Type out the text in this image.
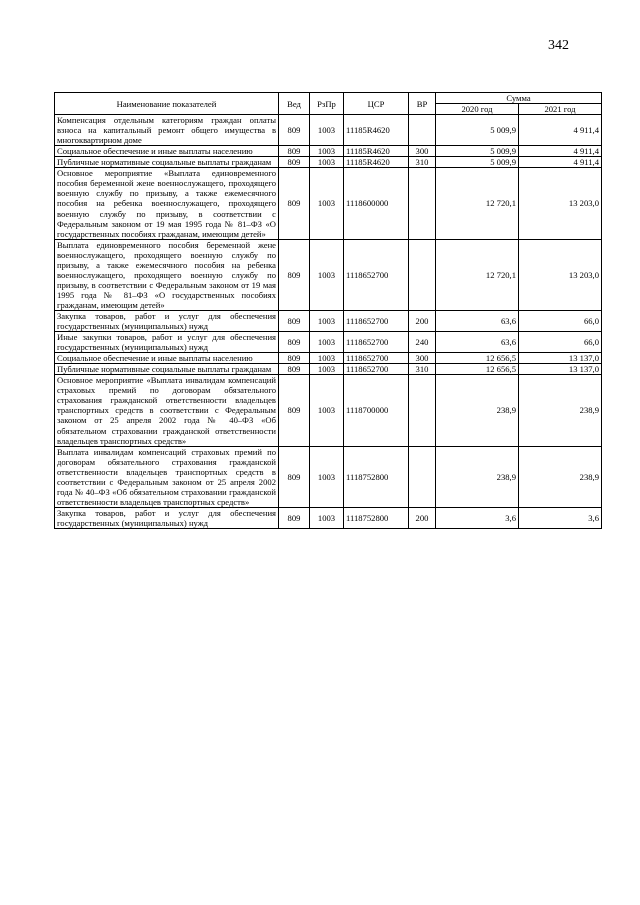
342
Наименование показателей	Вед	РзПр	ЦСР	ВР	Сумма	
					2020 год	2021 год
Компенсация отдельным категориям граждан оплаты взноса на капитальный ремонт общего имущества в многоквартирном доме	809	1003	11185R4620		5 009,9	4 911,4
Социальное обеспечение и иные выплаты населению	809	1003	11185R4620	300	5 009,9	4 911,4
Публичные нормативные социальные выплаты гражданам	809	1003	11185R4620	310	5 009,9	4 911,4
Основное мероприятие «Выплата единовременного пособия беременной жене военнослужащего, проходящего военную службу по призыву, а также ежемесячного пособия на ребенка военнослужащего, проходящего военную службу по призыву, в соответствии с Федеральным законом от 19 мая 1995 года № 81–ФЗ «О государственных пособиях гражданам, имеющим детей»	809	1003	1118600000		12 720,1	13 203,0
Выплата единовременного пособия беременной жене военнослужащего, проходящего военную службу по призыву, а также ежемесячного пособия на ребенка военнослужащего, проходящего военную службу по призыву, в соответствии с Федеральным законом от 19 мая 1995 года № 81–ФЗ «О государственных пособиях гражданам, имеющим детей»	809	1003	1118652700		12 720,1	13 203,0
Закупка товаров, работ и услуг для обеспечения государственных (муниципальных) нужд	809	1003	1118652700	200	63,6	66,0
Иные закупки товаров, работ и услуг для обеспечения государственных (муниципальных) нужд	809	1003	1118652700	240	63,6	66,0
Социальное обеспечение и иные выплаты населению	809	1003	1118652700	300	12 656,5	13 137,0
Публичные нормативные социальные выплаты гражданам	809	1003	1118652700	310	12 656,5	13 137,0
Основное мероприятие «Выплата инвалидам компенсаций страховых премий по договорам обязательного страхования гражданской ответственности владельцев транспортных средств в соответствии с Федеральным законом от 25 апреля 2002 года № 40–ФЗ «Об обязательном страховании гражданской ответственности владельцев транспортных средств»	809	1003	1118700000		238,9	238,9
Выплата инвалидам компенсаций страховых премий по договорам обязательного страхования гражданской ответственности владельцев транспортных средств в соответствии с Федеральным законом от 25 апреля 2002 года № 40–ФЗ «Об обязательном страховании гражданской ответственности владельцев транспортных средств»	809	1003	1118752800		238,9	238,9
Закупка товаров, работ и услуг для обеспечения государственных (муниципальных) нужд	809	1003	1118752800	200	3,6	3,6
